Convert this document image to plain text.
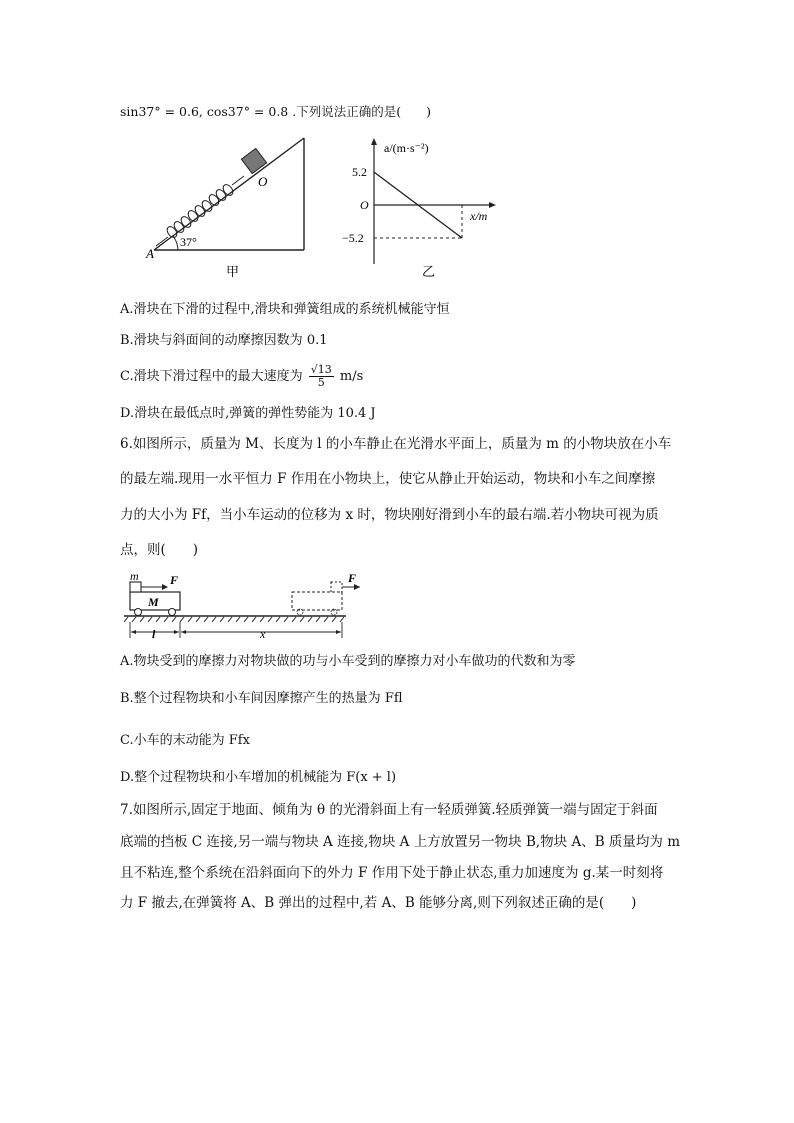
sin37° = 0.6, cos37° = 0.8 .下列说法正确的是(　　)
O
A
37°
甲
a/(m·s⁻²)
x/m
5.2
O
−5.2
乙
A.滑块在下滑的过程中,滑块和弹簧组成的系统机械能守恒
B.滑块与斜面间的动摩擦因数为 0.1
C.滑块下滑过程中的最大速度为 $\frac{√13}{5} m/s$
D.滑块在最低点时,弹簧的弹性势能为 10.4 J
6.如图所示，质量为 M、长度为 l 的小车静止在光滑水平面上，质量为 m 的小物块放在小车
的最左端.现用一水平恒力 F 作用在小物块上，使它从静止开始运动，物块和小车之间摩擦
力的大小为 Ff，当小车运动的位移为 x 时，物块刚好滑到小车的最右端.若小物块可视为质
点，则(　　)
m
M
F	F
l	x
A.物块受到的摩擦力对物块做的功与小车受到的摩擦力对小车做功的代数和为零
B.整个过程物块和小车间因摩擦产生的热量为 Ffl
C.小车的末动能为 Ffx
D.整个过程物块和小车增加的机械能为 F(x + l)
7.如图所示,固定于地面、倾角为 θ 的光滑斜面上有一轻质弹簧.轻质弹簧一端与固定于斜面
底端的挡板 C 连接,另一端与物块 A 连接,物块 A 上方放置另一物块 B,物块 A、B 质量均为 m
且不粘连,整个系统在沿斜面向下的外力 F 作用下处于静止状态,重力加速度为 g.某一时刻将
力 F 撤去,在弹簧将 A、B 弹出的过程中,若 A、B 能够分离,则下列叙述正确的是(　　)
